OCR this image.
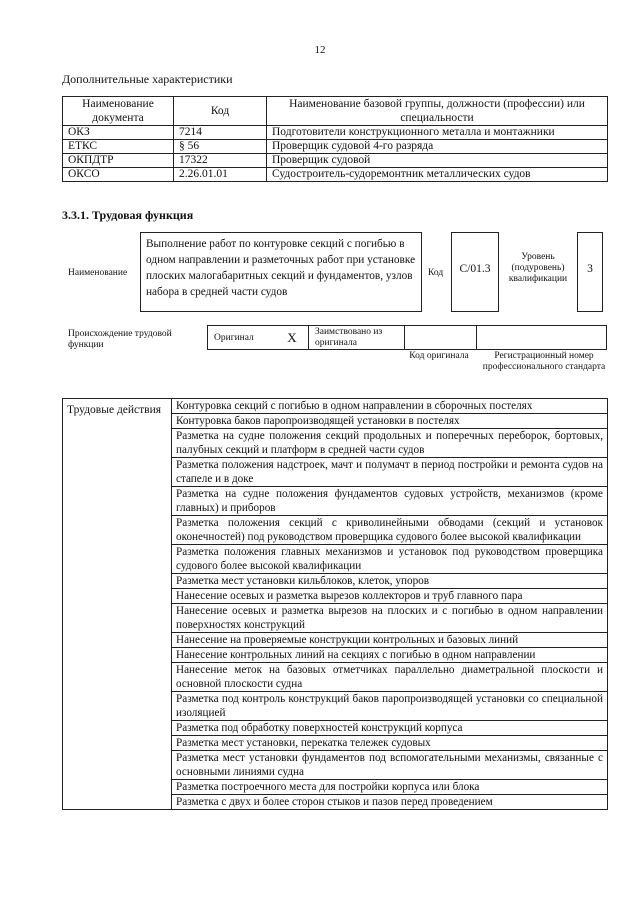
12
Дополнительные характеристики
Наименование документа	Код	Наименование базовой группы, должности (профессии) или специальности
ОКЗ	7214	Подготовители конструкционного металла и монтажники
ЕТКС	§ 56	Проверщик судовой 4-го разряда
ОКПДТР	17322	Проверщик судовой
ОКСО	2.26.01.01	Судостроитель-судоремонтник металлических судов
3.3.1. Трудовая функция
Наименование
Выполнение работ по контуровке секций с погибью в одном направлении и разметочных работ при установке плоских малогабаритных секций и фундаментов, узлов набора в средней части судов
Код	C/01.3
Уровень (подуровень) квалификации
3
Происхождение трудовой функции
Оригинал	X	Заимствовано из оригинала
Код оригинала	Регистрационный номер профессионального стандарта
Трудовые действия	Контуровка секций с погибью в одном направлении в сборочных постелях
Контуровка баков паропроизводящей установки в постелях
Разметка на судне положения секций продольных и поперечных переборок, бортовых, палубных секций и платформ в средней части судов
Разметка положения надстроек, мачт и полумачт в период постройки и ремонта судов на стапеле и в доке
Разметка на судне положения фундаментов судовых устройств, механизмов (кроме главных) и приборов
Разметка положения секций с криволинейными обводами (секций и установок оконечностей) под руководством проверщика судового более высокой квалификации
Разметка положения главных механизмов и установок под руководством проверщика судового более высокой квалификации
Разметка мест установки кильблоков, клеток, упоров
Нанесение осевых и разметка вырезов коллекторов и труб главного пара
Нанесение осевых и разметка вырезов на плоских и с погибью в одном направлении поверхностях конструкций
Нанесение на проверяемые конструкции контрольных и базовых линий
Нанесение контрольных линий на секциях с погибью в одном направлении
Нанесение меток на базовых отметчиках параллельно диаметральной плоскости и основной плоскости судна
Разметка под контроль конструкций баков паропроизводящей установки со специальной изоляцией
Разметка под обработку поверхностей конструкций корпуса
Разметка мест установки, перекатка тележек судовых
Разметка мест установки фундаментов под вспомогательными механизмы, связанные с основными линиями судна
Разметка построечного места для постройки корпуса или блока
Разметка с двух и более сторон стыков и пазов перед проведением
